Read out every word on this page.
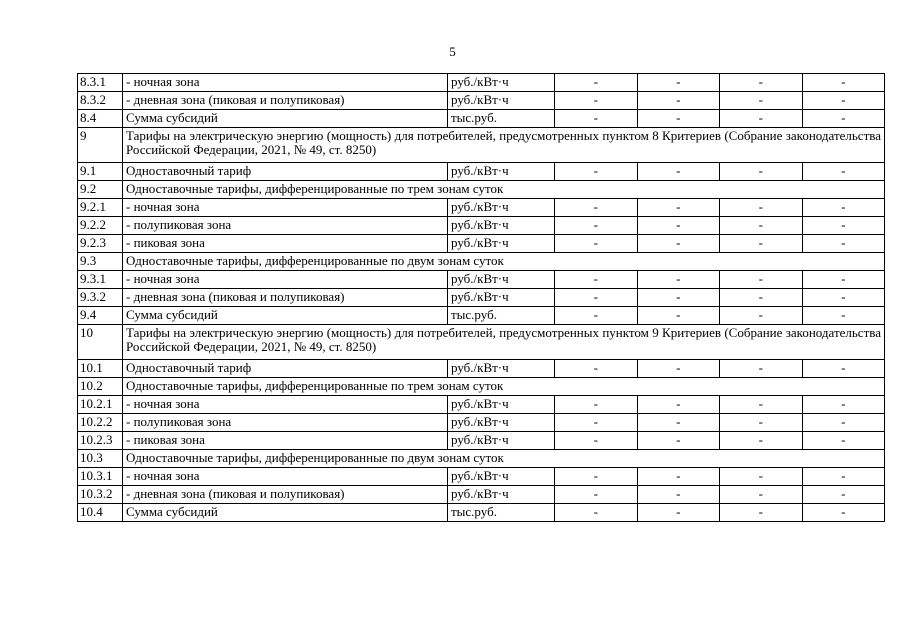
5
8.3.1	- ночная зона	руб./кВт·ч	-	-	-	-
8.3.2	- дневная зона (пиковая и полупиковая)	руб./кВт·ч	-	-	-	-
8.4	Сумма субсидий	тыс.руб.	-	-	-	-
9	Тарифы на электрическую энергию (мощность) для потребителей, предусмотренных пунктом 8 Критериев (Собрание законодательства Российской Федерации, 2021, № 49, ст. 8250)					
9.1	Одноставочный тариф	руб./кВт·ч	-	-	-	-
9.2	Одноставочные тарифы, дифференцированные по трем зонам суток					
9.2.1	- ночная зона	руб./кВт·ч	-	-	-	-
9.2.2	- полупиковая зона	руб./кВт·ч	-	-	-	-
9.2.3	- пиковая зона	руб./кВт·ч	-	-	-	-
9.3	Одноставочные тарифы, дифференцированные по двум зонам суток					
9.3.1	- ночная зона	руб./кВт·ч	-	-	-	-
9.3.2	- дневная зона (пиковая и полупиковая)	руб./кВт·ч	-	-	-	-
9.4	Сумма субсидий	тыс.руб.	-	-	-	-
10	Тарифы на электрическую энергию (мощность) для потребителей, предусмотренных пунктом 9 Критериев (Собрание законодательства Российской Федерации, 2021, № 49, ст. 8250)					
10.1	Одноставочный тариф	руб./кВт·ч	-	-	-	-
10.2	Одноставочные тарифы, дифференцированные по трем зонам суток					
10.2.1	- ночная зона	руб./кВт·ч	-	-	-	-
10.2.2	- полупиковая зона	руб./кВт·ч	-	-	-	-
10.2.3	- пиковая зона	руб./кВт·ч	-	-	-	-
10.3	Одноставочные тарифы, дифференцированные по двум зонам суток					
10.3.1	- ночная зона	руб./кВт·ч	-	-	-	-
10.3.2	- дневная зона (пиковая и полупиковая)	руб./кВт·ч	-	-	-	-
10.4	Сумма субсидий	тыс.руб.	-	-	-	-
